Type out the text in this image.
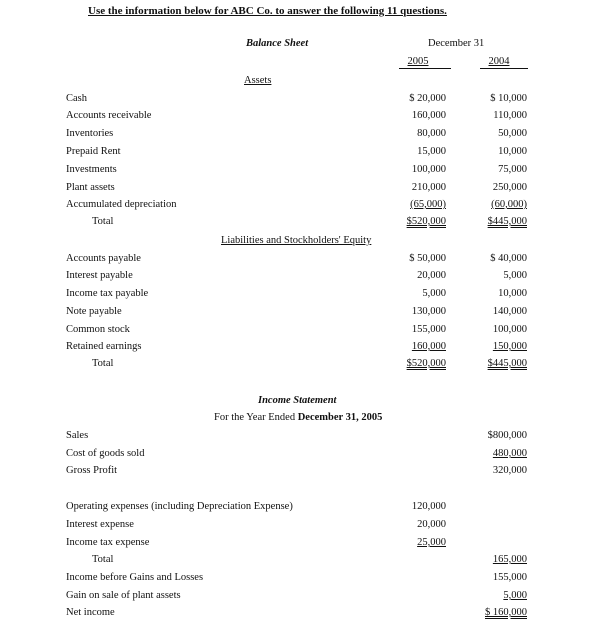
Use the information below for ABC Co. to answer the following 11 questions.
Balance Sheet	December 31
2005	2004
Assets
Cash	$ 20,000	$ 10,000
Accounts receivable	160,000	110,000
Inventories	80,000	50,000
Prepaid Rent	15,000	10,000
Investments	100,000	75,000
Plant assets	210,000	250,000
Accumulated depreciation	(65,000)	(60,000)
Total	$520,000	$445,000
Liabilities and Stockholders' Equity
Accounts payable	$ 50,000	$ 40,000
Interest payable	20,000	5,000
Income tax payable	5,000	10,000
Note payable	130,000	140,000
Common stock	155,000	100,000
Retained earnings	160,000	150,000
Total	$520,000	$445,000
Income Statement
For the Year Ended December 31, 2005
Sales	$800,000
Cost of goods sold	480,000
Gross Profit	320,000
Operating expenses (including Depreciation Expense)	120,000
Interest expense	20,000
Income tax expense	25,000
Total	165,000
Income before Gains and Losses	155,000
Gain on sale of plant assets	5,000
Net income	$ 160,000
